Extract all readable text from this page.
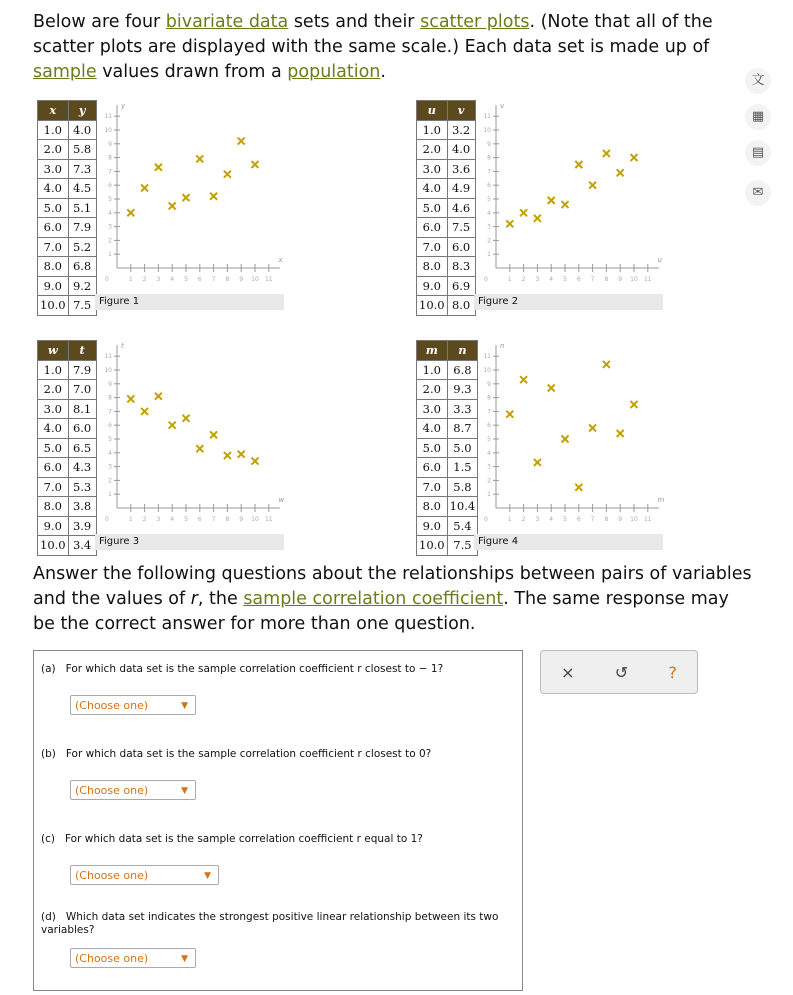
Below are four bivariate data sets and their scatter plots. (Note that all of the scatter plots are displayed with the same scale.) Each data set is made up of sample values drawn from a population.	文
▦
▤
✉
x	y
1.0	4.0
2.0	5.8
3.0	7.3
4.0	4.5
5.0	5.1
6.0	7.9
7.0	5.2
8.0	6.8
9.0	9.2
10.0	7.5
1
1
2
2
3
3
4
4
5
5
6
6
7
7
8
8
9
9
10
10
11
11
0
x
y
Figure 1
u	v
1.0	3.2
2.0	4.0
3.0	3.6
4.0	4.9
5.0	4.6
6.0	7.5
7.0	6.0
8.0	8.3
9.0	6.9
10.0	8.0
1
1
2
2
3
3
4
4
5
5
6
6
7
7
8
8
9
9
10
10
11
11
0
u
v
Figure 2
w	t
1.0	7.9
2.0	7.0
3.0	8.1
4.0	6.0
5.0	6.5
6.0	4.3
7.0	5.3
8.0	3.8
9.0	3.9
10.0	3.4
1
1
2
2
3
3
4
4
5
5
6
6
7
7
8
8
9
9
10
10
11
11
0
w
t
Figure 3
m	n
1.0	6.8
2.0	9.3
3.0	3.3
4.0	8.7
5.0	5.0
6.0	1.5
7.0	5.8
8.0	10.4
9.0	5.4
10.0	7.5
1
1
2
2
3
3
4
4
5
5
6
6
7
7
8
8
9
9
10
10
11
11
0
m
n
Figure 4
Answer the following questions about the relationships between pairs of variables and the values of r, the sample correlation coefficient. The same response may be the correct answer for more than one question.
(a) For which data set is the sample correlation coefficient r closest to − 1?
(Choose one)	▼
(b) For which data set is the sample correlation coefficient r closest to 0?
(Choose one)	▼
(c) For which data set is the sample correlation coefficient r equal to 1?
(Choose one)	▼
(d) Which data set indicates the strongest positive linear relationship between its two variables?
(Choose one)	▼
×	↺	?
